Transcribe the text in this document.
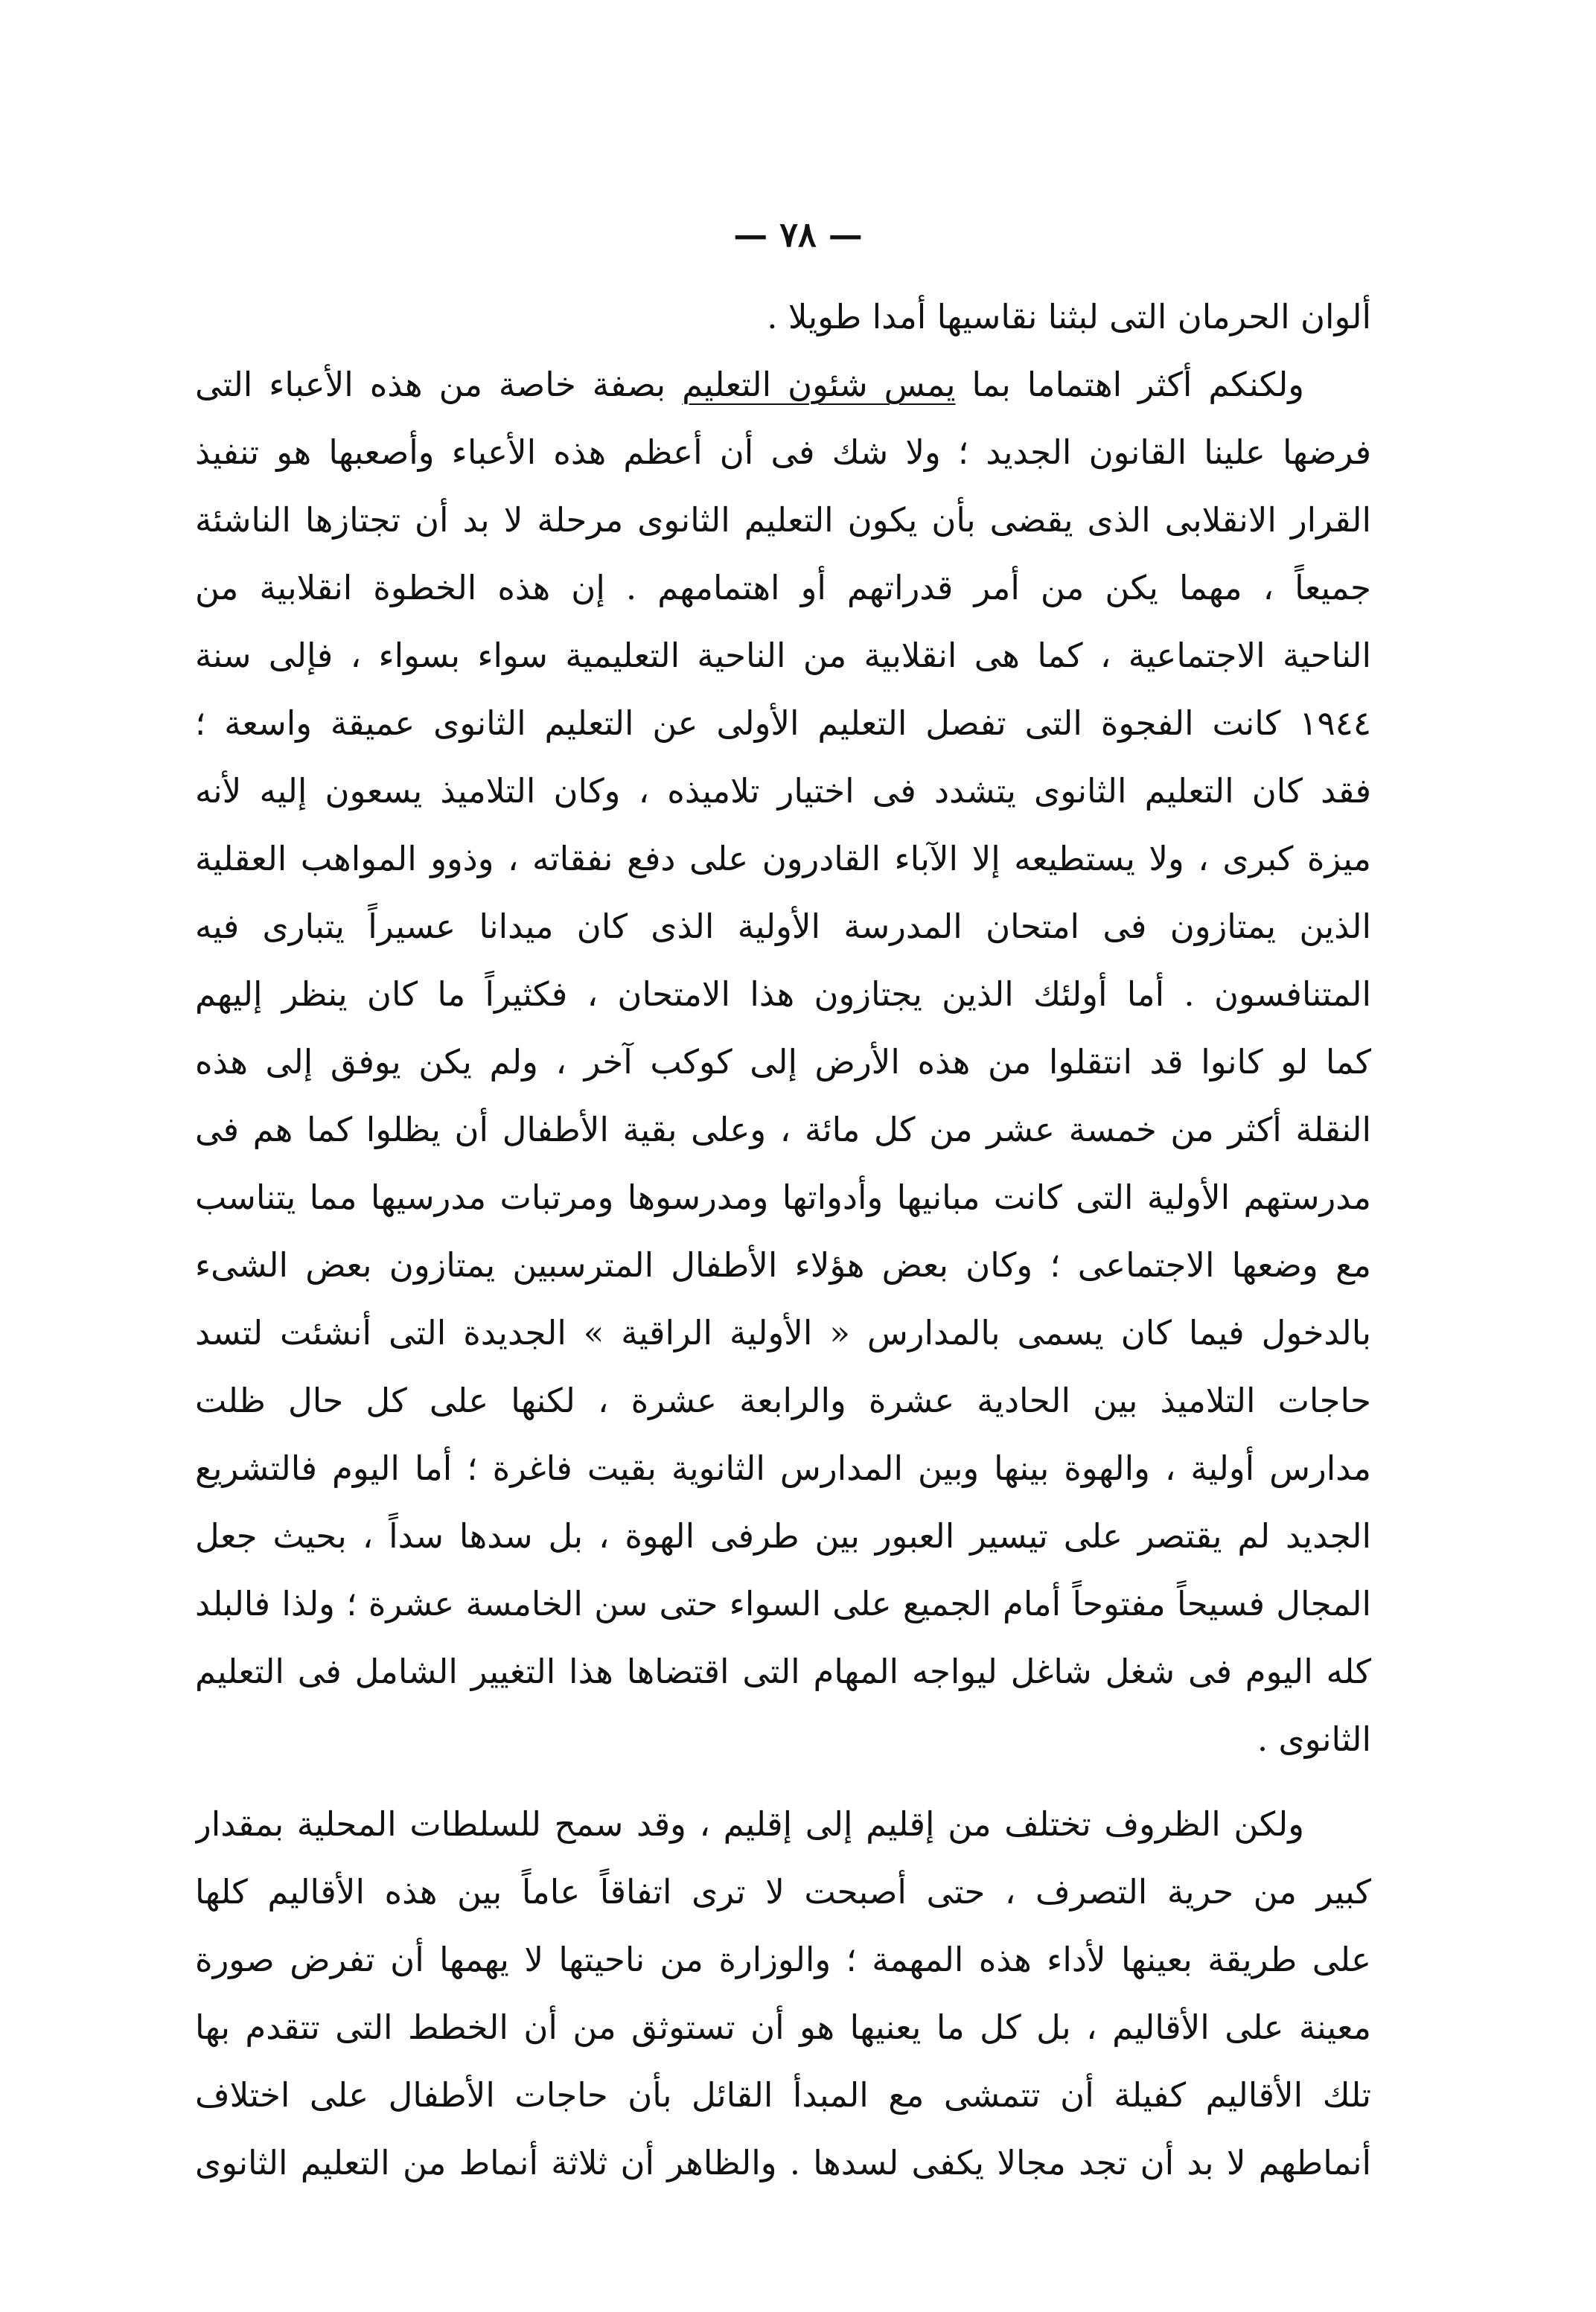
— ٧٨ —
ألوان الحرمان التى لبثنا نقاسيها أمدا طويلا .
ولكنكم أكثر اهتماما بما يمس شئون التعليم بصفة خاصة من هذه الأعباء التى
فرضها علينا القانون الجديد ؛ ولا شك فى أن أعظم هذه الأعباء وأصعبها هو تنفيذ
القرار الانقلابى الذى يقضى بأن يكون التعليم الثانوى مرحلة لا بد أن تجتازها الناشئة
جميعاً ، مهما يكن من أمر قدراتهم أو اهتمامهم . إن هذه الخطوة انقلابية من
الناحية الاجتماعية ، كما هى انقلابية من الناحية التعليمية سواء بسواء ، فإلى سنة
١٩٤٤ كانت الفجوة التى تفصل التعليم الأولى عن التعليم الثانوى عميقة واسعة ؛
فقد كان التعليم الثانوى يتشدد فى اختيار تلاميذه ، وكان التلاميذ يسعون إليه لأنه
ميزة كبرى ، ولا يستطيعه إلا الآباء القادرون على دفع نفقاته ، وذوو المواهب العقلية
الذين يمتازون فى امتحان المدرسة الأولية الذى كان ميدانا عسيراً يتبارى فيه
المتنافسون . أما أولئك الذين يجتازون هذا الامتحان ، فكثيراً ما كان ينظر إليهم
كما لو كانوا قد انتقلوا من هذه الأرض إلى كوكب آخر ، ولم يكن يوفق إلى هذه
النقلة أكثر من خمسة عشر من كل مائة ، وعلى بقية الأطفال أن يظلوا كما هم فى
مدرستهم الأولية التى كانت مبانيها وأدواتها ومدرسوها ومرتبات مدرسيها مما يتناسب
مع وضعها الاجتماعى ؛ وكان بعض هؤلاء الأطفال المترسبين يمتازون بعض الشىء
بالدخول فيما كان يسمى بالمدارس « الأولية الراقية » الجديدة التى أنشئت لتسد
حاجات التلاميذ بين الحادية عشرة والرابعة عشرة ، لكنها على كل حال ظلت
مدارس أولية ، والهوة بينها وبين المدارس الثانوية بقيت فاغرة ؛ أما اليوم فالتشريع
الجديد لم يقتصر على تيسير العبور بين طرفى الهوة ، بل سدها سداً ، بحيث جعل
المجال فسيحاً مفتوحاً أمام الجميع على السواء حتى سن الخامسة عشرة ؛ ولذا فالبلد
كله اليوم فى شغل شاغل ليواجه المهام التى اقتضاها هذا التغيير الشامل فى التعليم
الثانوى .
ولكن الظروف تختلف من إقليم إلى إقليم ، وقد سمح للسلطات المحلية بمقدار
كبير من حرية التصرف ، حتى أصبحت لا ترى اتفاقاً عاماً بين هذه الأقاليم كلها
على طريقة بعينها لأداء هذه المهمة ؛ والوزارة من ناحيتها لا يهمها أن تفرض صورة
معينة على الأقاليم ، بل كل ما يعنيها هو أن تستوثق من أن الخطط التى تتقدم بها
تلك الأقاليم كفيلة أن تتمشى مع المبدأ القائل بأن حاجات الأطفال على اختلاف
أنماطهم لا بد أن تجد مجالا يكفى لسدها . والظاهر أن ثلاثة أنماط من التعليم الثانوى
